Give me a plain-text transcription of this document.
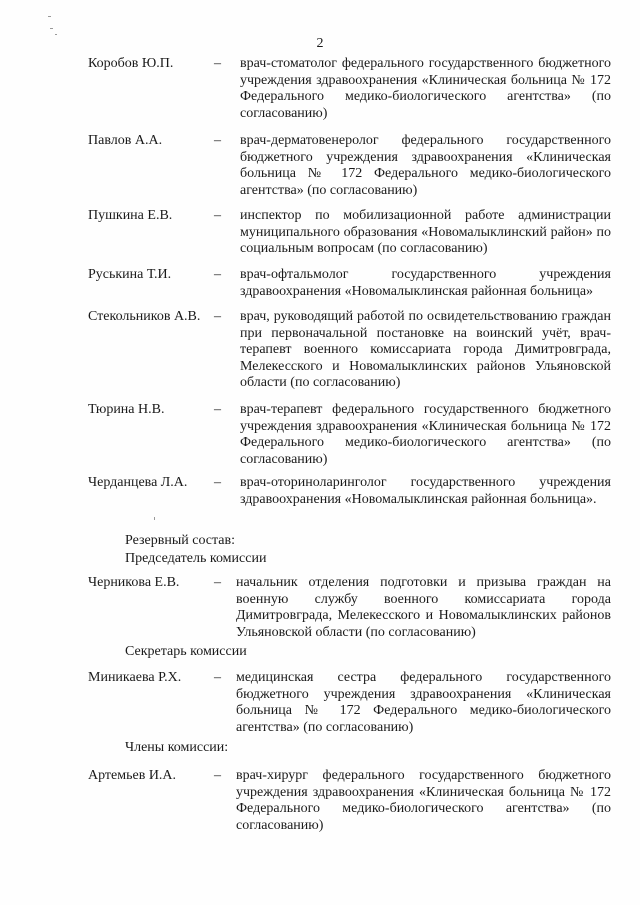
2
Коробов Ю.П.	– врач-стоматолог федерального государственного бюджетного учреждения здравоохранения «Клиническая больница № 172 Федерального медико-биологического агентства» (по согласованию)
Павлов А.А.	– врач-дерматовенеролог федерального государственного бюджетного учреждения здравоохранения «Клиническая больница № 172 Федерального медико-биологического агентства» (по согласованию)
Пушкина Е.В.	– инспектор по мобилизационной работе администрации муниципального образования «Новомалыклинский район» по социальным вопросам (по согласованию)
Руськина Т.И.	– врач-офтальмолог государственного учреждения здравоохранения «Новомалыклинская районная больница»
Стекольников А.В. – врач, руководящий работой по освидетельствованию граждан при первоначальной постановке на воинский учёт, врач-терапевт военного комиссариата города Димитровграда, Мелекесского и Новомалыклинских районов Ульяновской области (по согласованию)
Тюрина Н.В.	– врач-терапевт федерального государственного бюджетного учреждения здравоохранения «Клиническая больница № 172 Федерального медико-биологического агентства» (по согласованию)
Черданцева Л.А. – врач-оториноларинголог государственного учреждения здравоохранения «Новомалыклинская районная больница».
Резервный состав:
Председатель комиссии
Черникова Е.В. – начальник отделения подготовки и призыва граждан на военную службу военного комиссариата города Димитровграда, Мелекесского и Новомалыклинских районов Ульяновской области (по согласованию)
Секретарь комиссии
Миникаева Р.Х. – медицинская сестра федерального государственного бюджетного учреждения здравоохранения «Клиническая больница № 172 Федерального медико-биологического агентства» (по согласованию)
Члены комиссии:
Артемьев И.А.	– врач-хирург федерального государственного бюджетного учреждения здравоохранения «Клиническая больница № 172 Федерального медико-биологического агентства» (по согласованию)
